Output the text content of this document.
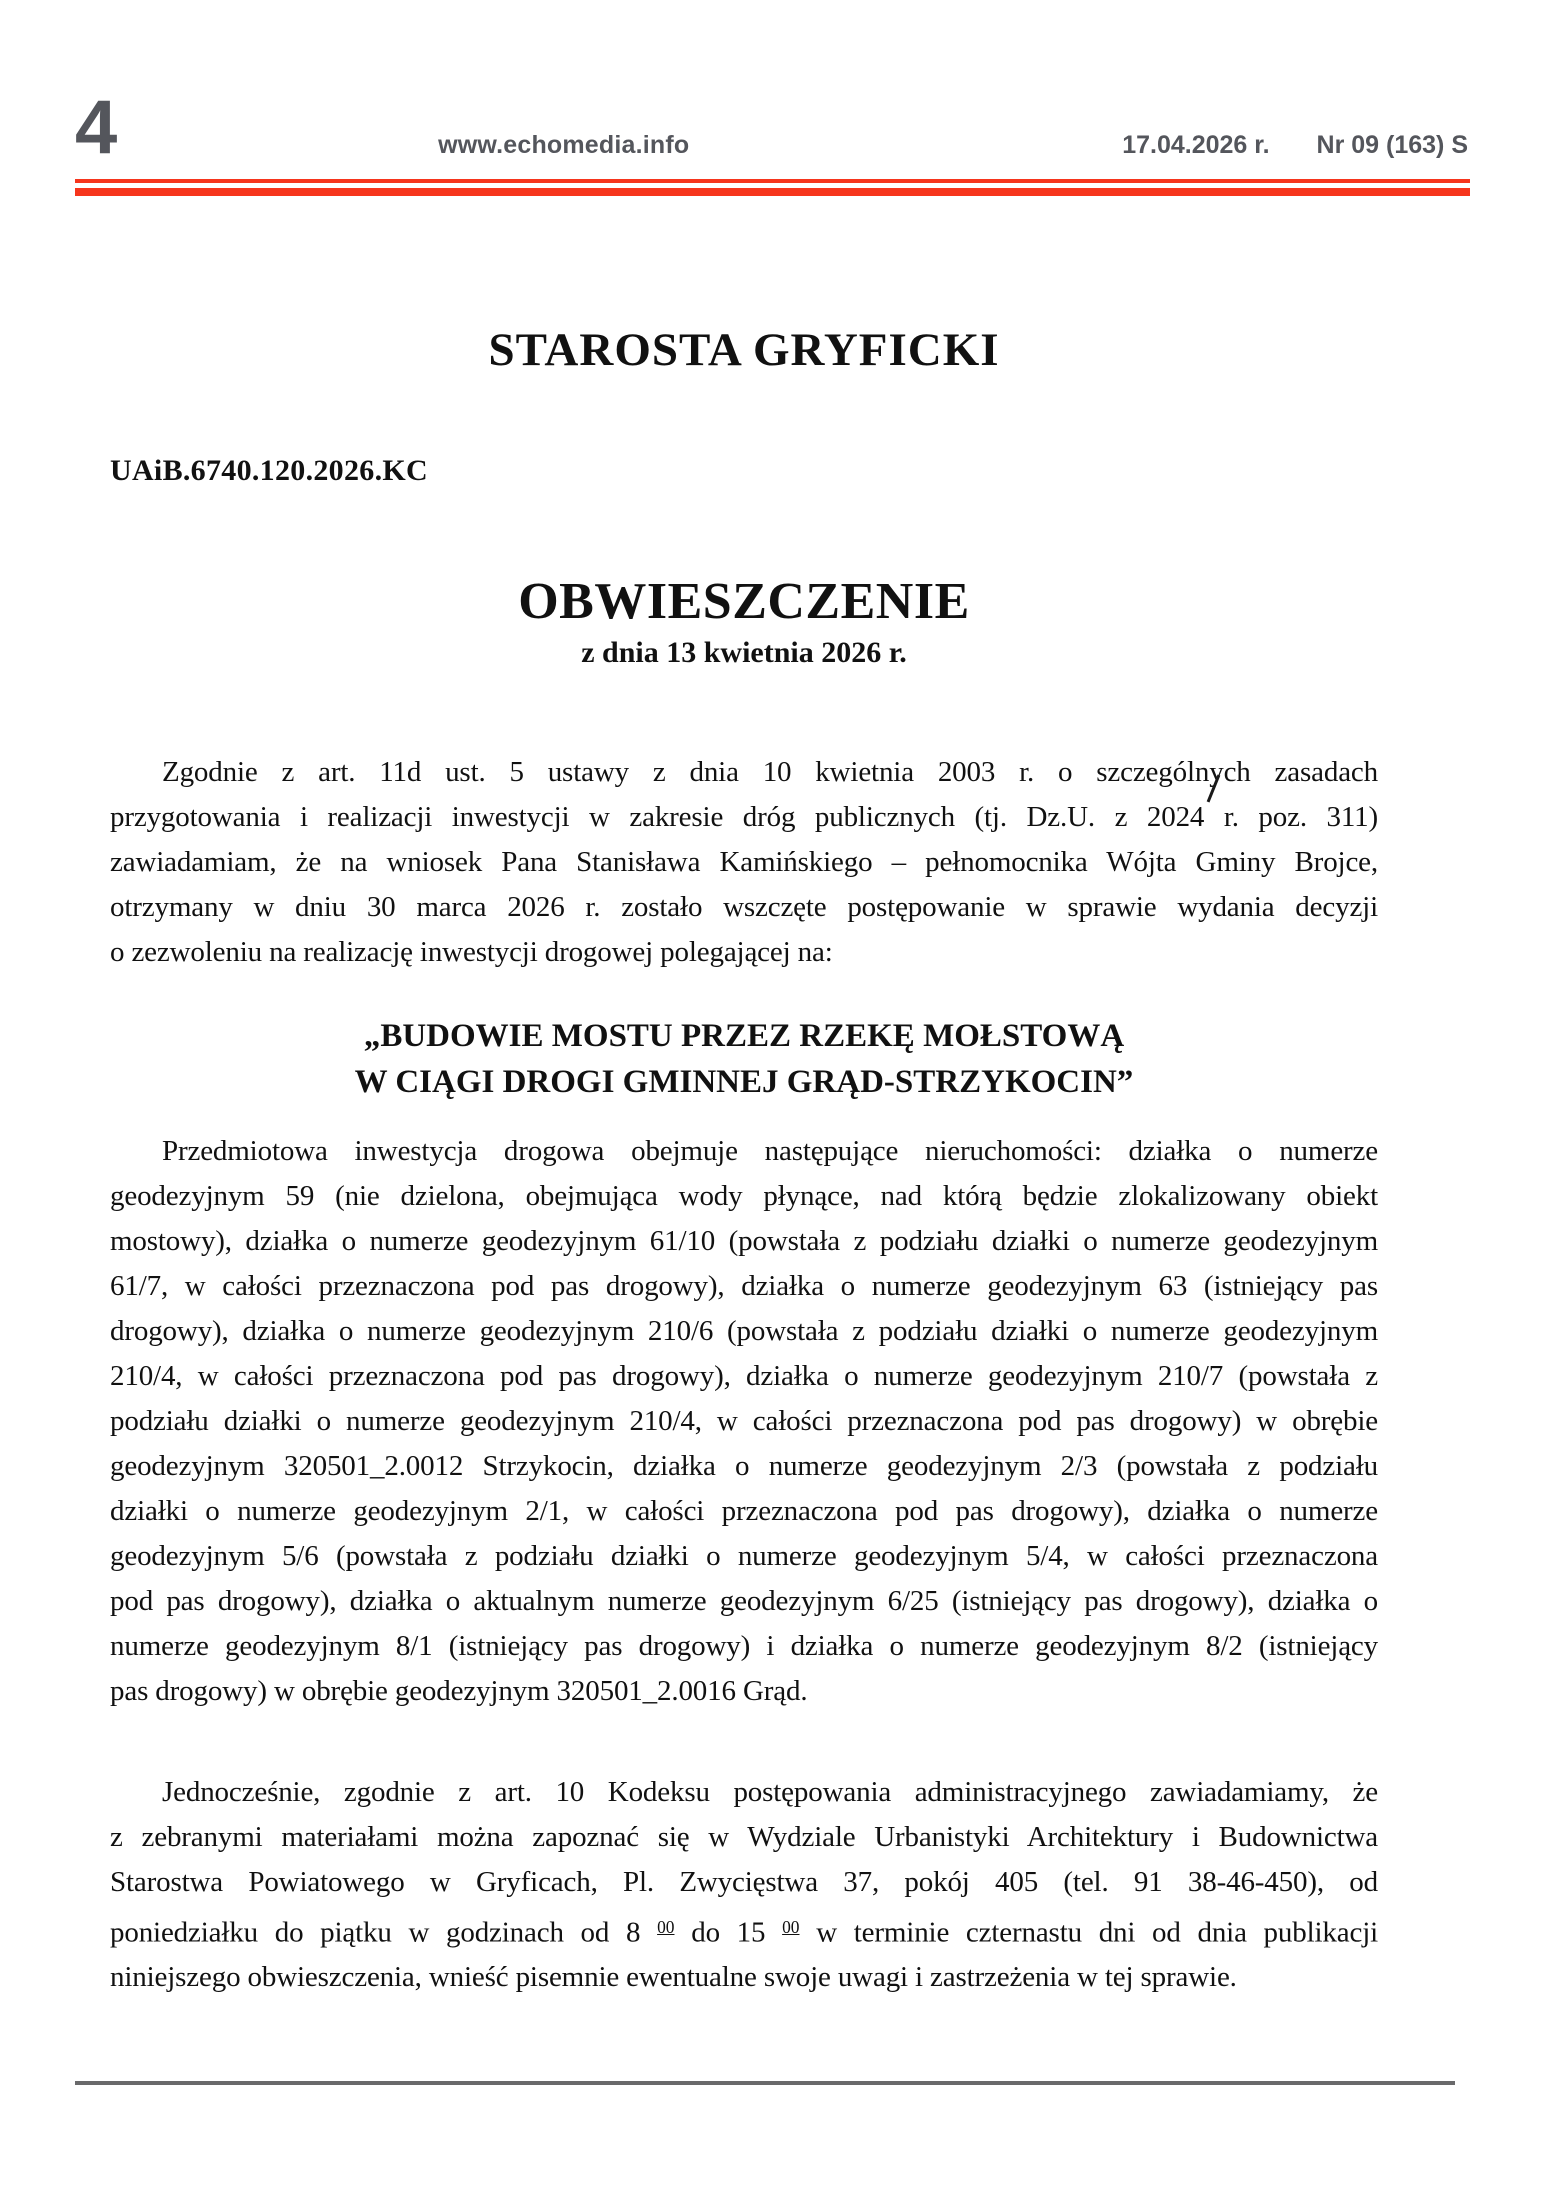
4	www.echomedia.info	17.04.2026 r. Nr 09 (163) S
STAROSTA GRYFICKI
UAiB.6740.120.2026.KC
OBWIESZCZENIE
z dnia 13 kwietnia 2026 r.
Zgodnie z art. 11d ust. 5 ustawy z dnia 10 kwietnia 2003 r. o szczególnych zasadach
przygotowania i realizacji inwestycji w zakresie dróg publicznych (tj. Dz.U. z 2024 r. poz. 311)
zawiadamiam, że na wniosek Pana Stanisława Kamińskiego – pełnomocnika Wójta Gminy Brojce,
otrzymany w dniu 30 marca 2026 r. zostało wszczęte postępowanie w sprawie wydania decyzji
o zezwoleniu na realizację inwestycji drogowej polegającej na:
„BUDOWIE MOSTU PRZEZ RZEKĘ MOŁSTOWĄ
W CIĄGI DROGI GMINNEJ GRĄD-STRZYKOCIN”
Przedmiotowa inwestycja drogowa obejmuje następujące nieruchomości: działka o numerze
geodezyjnym 59 (nie dzielona, obejmująca wody płynące, nad którą będzie zlokalizowany obiekt
mostowy), działka o numerze geodezyjnym 61/10 (powstała z podziału działki o numerze geodezyjnym
61/7, w całości przeznaczona pod pas drogowy), działka o numerze geodezyjnym 63 (istniejący pas
drogowy), działka o numerze geodezyjnym 210/6 (powstała z podziału działki o numerze geodezyjnym
210/4, w całości przeznaczona pod pas drogowy), działka o numerze geodezyjnym 210/7 (powstała z
podziału działki o numerze geodezyjnym 210/4, w całości przeznaczona pod pas drogowy) w obrębie
geodezyjnym 320501_2.0012 Strzykocin, działka o numerze geodezyjnym 2/3 (powstała z podziału
działki o numerze geodezyjnym 2/1, w całości przeznaczona pod pas drogowy), działka o numerze
geodezyjnym 5/6 (powstała z podziału działki o numerze geodezyjnym 5/4, w całości przeznaczona
pod pas drogowy), działka o aktualnym numerze geodezyjnym 6/25 (istniejący pas drogowy), działka o
numerze geodezyjnym 8/1 (istniejący pas drogowy) i działka o numerze geodezyjnym 8/2 (istniejący
pas drogowy) w obrębie geodezyjnym 320501_2.0016 Grąd.
Jednocześnie, zgodnie z art. 10 Kodeksu postępowania administracyjnego zawiadamiamy, że
z zebranymi materiałami można zapoznać się w Wydziale Urbanistyki Architektury i Budownictwa
Starostwa Powiatowego w Gryficach, Pl. Zwycięstwa 37, pokój 405 (tel. 91 38-46-450), od
poniedziałku do piątku w godzinach od 8 $^{00}$ do 15 $^{00}$ w terminie czternastu dni od dnia publikacji
niniejszego obwieszczenia, wnieść pisemnie ewentualne swoje uwagi i zastrzeżenia w tej sprawie.
